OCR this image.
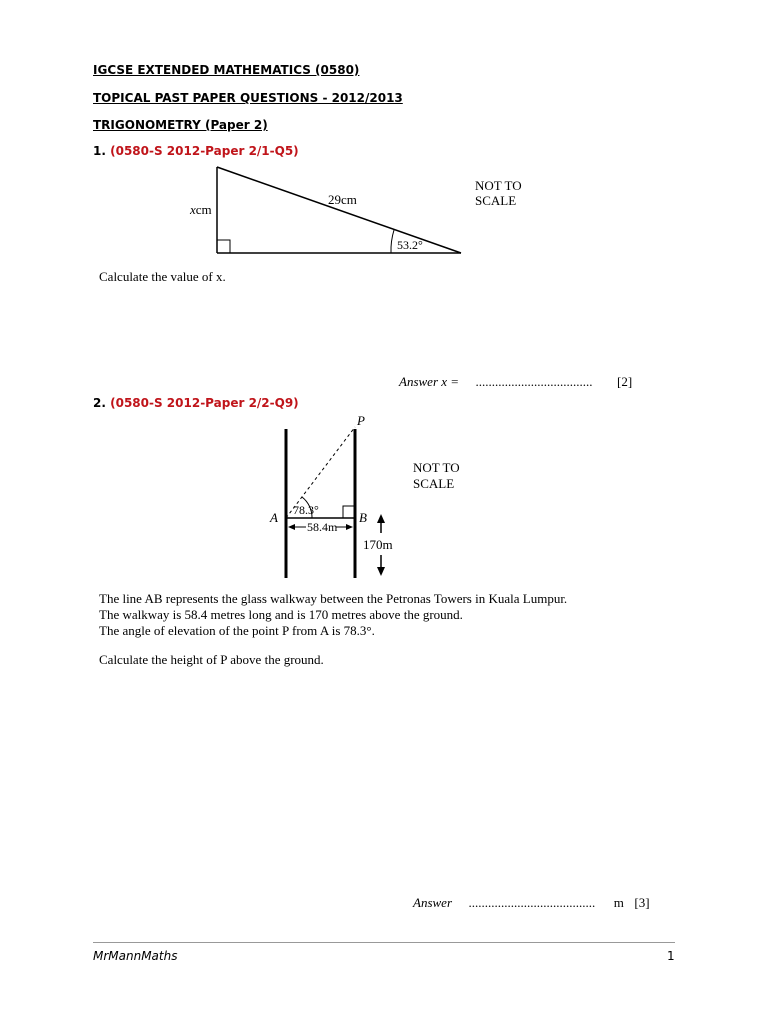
IGCSE EXTENDED MATHEMATICS (0580)
TOPICAL PAST PAPER QUESTIONS - 2012/2013
TRIGONOMETRY (Paper 2)
1. (0580-S 2012-Paper 2/1-Q5)
xcm
29cm
53.2°
NOT TO
SCALE
P
A	B
78.3°
58.4m
170m
NOT TO
SCALE
Calculate the value of x.
Answer x = .................................... [2]
2. (0580-S 2012-Paper 2/2-Q9)
The line AB represents the glass walkway between the Petronas Towers in Kuala Lumpur.
The walkway is 58.4 metres long and is 170 metres above the ground.
The angle of elevation of the point P from A is 78.3°.
Calculate the height of P above the ground.
Answer ....................................... m [3]
MrMannMaths	1
